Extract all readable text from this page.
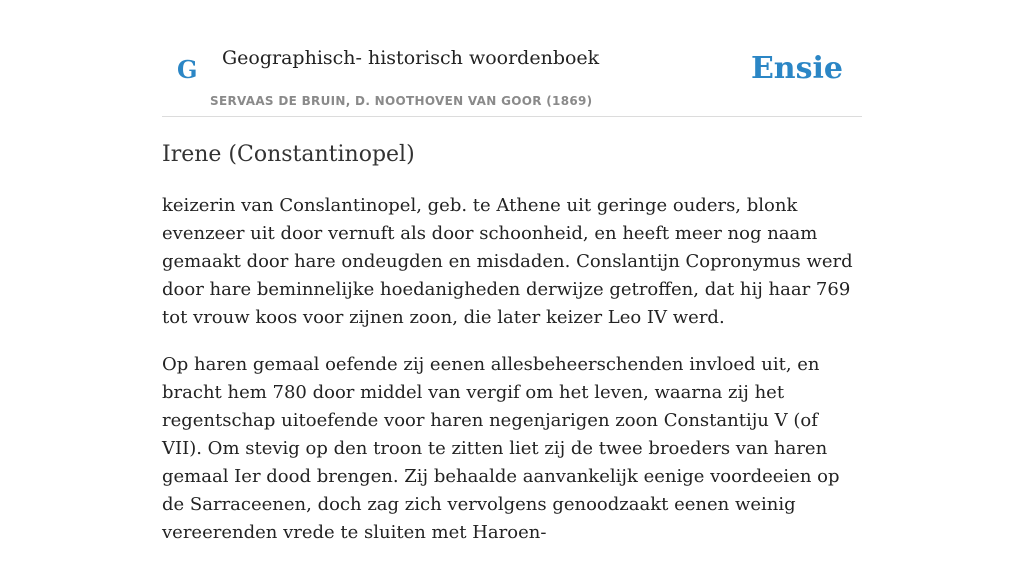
G Geographisch- historisch woordenboek
SERVAAS DE BRUIN, D. NOOTHOVEN VAN GOOR (1869)
Ensie
Irene (Constantinopel)

keizerin van Conslantinopel, geb. te Athene uit geringe ouders, blonk evenzeer uit door vernuft als door schoonheid, en heeft meer nog naam gemaakt door hare ondeugden en misdaden. Conslantijn Copronymus werd door hare beminnelijke hoedanigheden derwijze getroffen, dat hij haar 769 tot vrouw koos voor zijnen zoon, die later keizer Leo IV werd.

Op haren gemaal oefende zij eenen allesbeheerschenden invloed uit, en bracht hem 780 door middel van vergif om het leven, waarna zij het regentschap uitoefende voor haren negenjarigen zoon Constantiju V (of VII). Om stevig op den troon te zitten liet zij de twee broeders van haren gemaal Ier dood brengen. Zij behaalde aanvankelijk eenige voordeeien op de Sarraceenen, doch zag zich vervolgens genoodzaakt eenen weinig vereerenden vrede te sluiten met Haroen-
